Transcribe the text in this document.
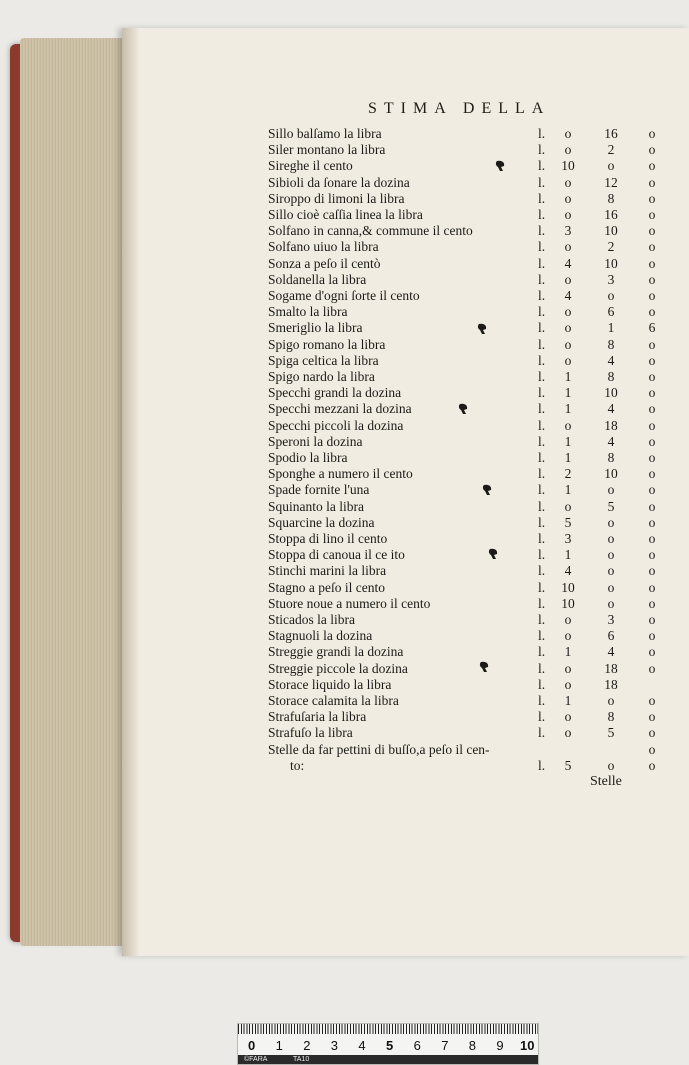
STIMA DELLA
Sillo balſamo la libra	l.	o	16	o
Siler montano la libra	l.	o	2	o
Sireghe il cento	l.	10	o	o
Sibioli da ſonare la dozina	l.	o	12	o
Siroppo di limoni la libra	l.	o	8	o
Sillo cioè caſſia linea la libra	l.	o	16	o
Solfano in canna,& commune il cento	l.	3	10	o
Solfano uiuo la libra	l.	o	2	o
Sonza a peſo il centò	l.	4	10	o
Soldanella la libra	l.	o	3	o
Sogame d'ogni ſorte il cento	l.	4	o	o
Smalto la libra	l.	o	6	o
Smeriglio la libra	l.	o	1	6
Spigo romano la libra	l.	o	8	o
Spiga celtica la libra	l.	o	4	o
Spigo nardo la libra	l.	1	8	o
Specchi grandi la dozina	l.	1	10	o
Specchi mezzani la dozina	l.	1	4	o
Specchi piccoli la dozina	l.	o	18	o
Speroni la dozina	l.	1	4	o
Spodio la libra	l.	1	8	o
Sponghe a numero il cento	l.	2	10	o
Spade fornite l'una	l.	1	o	o
Squinanto la libra	l.	o	5	o
Squarcine la dozina	l.	5	o	o
Stoppa di lino il cento	l.	3	o	o
Stoppa di canoua il ce ito	l.	1	o	o
Stinchi marini la libra	l.	4	o	o
Stagno a peſo il cento	l.	10	o	o
Stuore noue a numero il cento	l.	10	o	o
Sticados la libra	l.	o	3	o
Stagnuoli la dozina	l.	o	6	o
Streggie grandi la dozina	l.	1	4	o
Streggie piccole la dozina	l.	o	18	o
Storace liquido la libra	l.	o	18
Storace calamita la libra	l.	1	o	o
Strafuſaria la libra	l.	o	8	o
Strafuſo la libra	l.	o	5	o
Stelle da far pettini di buſſo,a peſo il cen-	o
to:	l.	5	o	o
Stelle
0 1 2 3 4 5 6 7 8 9 10
©FARA	TA10
